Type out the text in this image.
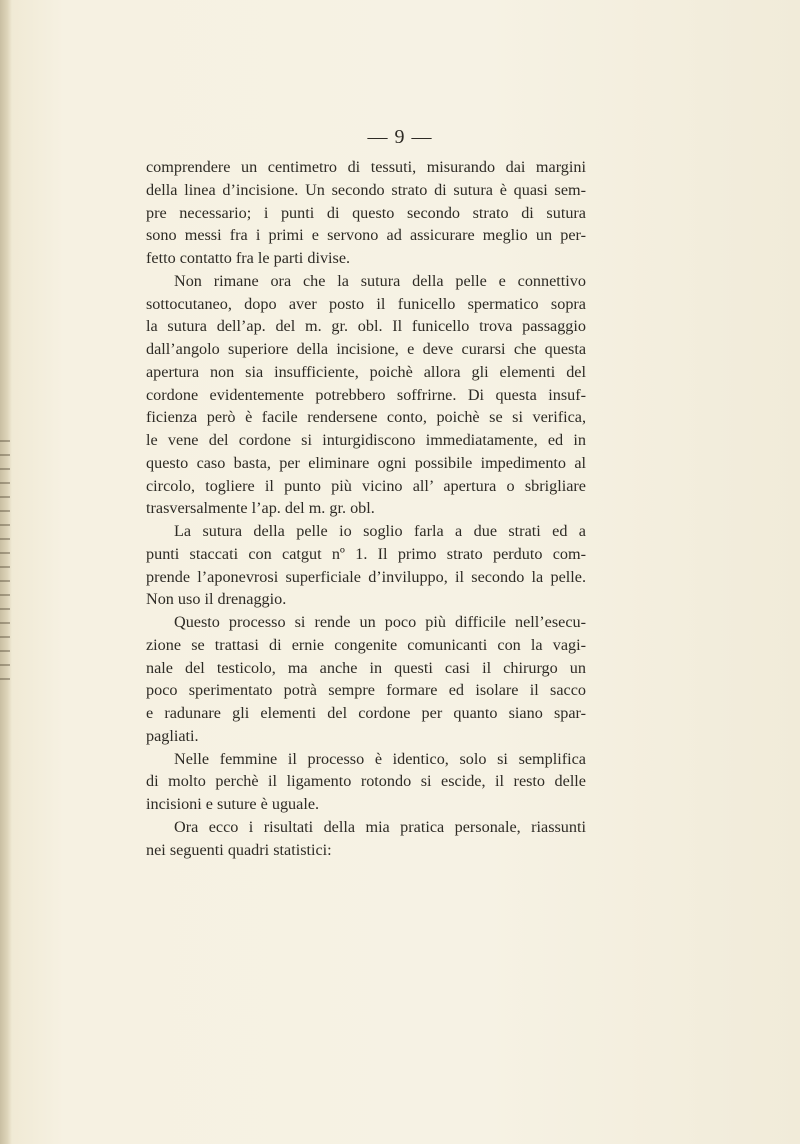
— 9 —
comprendere un centimetro di tessuti, misurando dai margini
della linea d’incisione. Un secondo strato di sutura è quasi sem-
pre necessario; i punti di questo secondo strato di sutura
sono messi fra i primi e servono ad assicurare meglio un per-
fetto contatto fra le parti divise.
Non rimane ora che la sutura della pelle e connettivo
sottocutaneo, dopo aver posto il funicello spermatico sopra
la sutura dell’ap. del m. gr. obl. Il funicello trova passaggio
dall’angolo superiore della incisione, e deve curarsi che questa
apertura non sia insufficiente, poichè allora gli elementi del
cordone evidentemente potrebbero soffrirne. Di questa insuf-
ficienza però è facile rendersene conto, poichè se si verifica,
le vene del cordone si inturgidiscono immediatamente, ed in
questo caso basta, per eliminare ogni possibile impedimento al
circolo, togliere il punto più vicino all’ apertura o sbrigliare
trasversalmente l’ap. del m. gr. obl.
La sutura della pelle io soglio farla a due strati ed a
punti staccati con catgut nº 1. Il primo strato perduto com-
prende l’aponevrosi superficiale d’inviluppo, il secondo la pelle.
Non uso il drenaggio.
Questo processo si rende un poco più difficile nell’esecu-
zione se trattasi di ernie congenite comunicanti con la vagi-
nale del testicolo, ma anche in questi casi il chirurgo un
poco sperimentato potrà sempre formare ed isolare il sacco
e radunare gli elementi del cordone per quanto siano spar-
pagliati.
Nelle femmine il processo è identico, solo si semplifica
di molto perchè il ligamento rotondo si escide, il resto delle
incisioni e suture è uguale.
Ora ecco i risultati della mia pratica personale, riassunti
nei seguenti quadri statistici:
